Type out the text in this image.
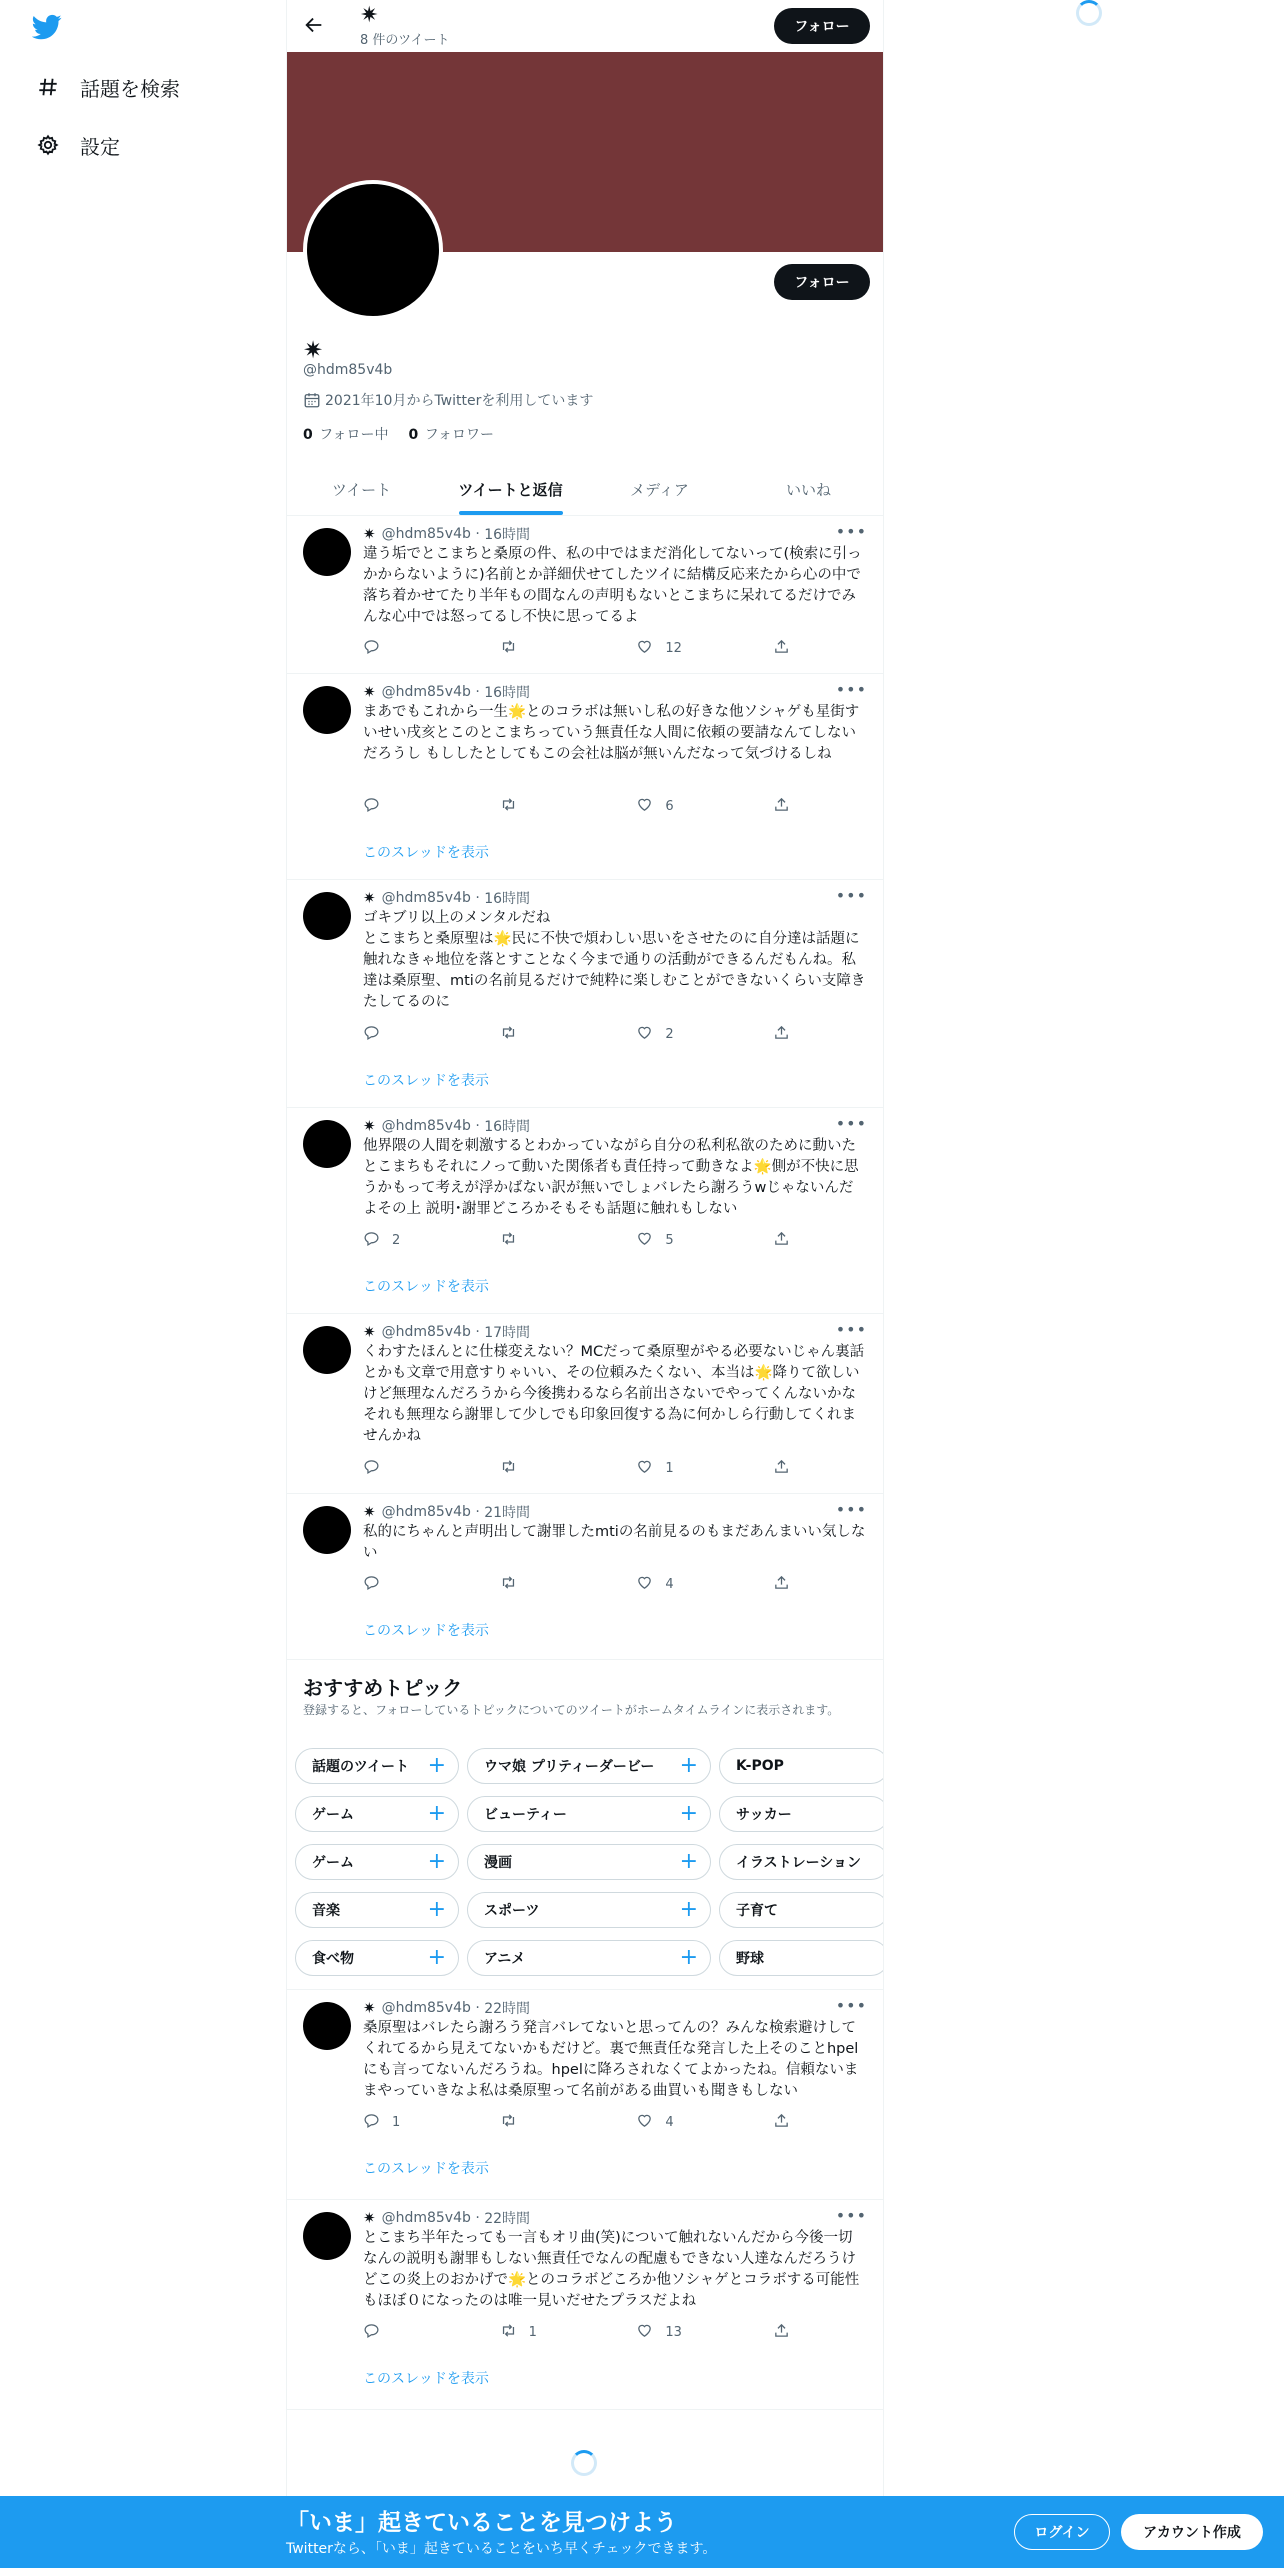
話題を検索
設定
✷
8 件のツイート
フォロー
フォロー
✷
@hdm85v4b
2021年10月からTwitterを利用しています
0 フォロー中 0 フォロワー
ツイート	ツイートと返信	メディア	いいね
おすすめトピック
登録すると、フォローしているトピックについてのツイートがホームタイムラインに表示されます。
話題のツイート +	ウマ娘 プリティーダービー +	K-POP
ゲーム	+	ビューティー	+	サッカー
ゲーム	+	漫画	+	イラストレーション
音楽	+	スポーツ	+	子育て
食べ物	+	アニメ	+	野球
✷ @hdm85v4b · 16時間	•••
違う垢でとこまちと桑原の件、私の中ではまだ消化してないって(検索に引っかからないように)名前とか詳細伏せてしたツイに結構反応来たから心の中で落ち着かせてたり半年もの間なんの声明もないとこまちに呆れてるだけでみんな心中では怒ってるし不快に思ってるよ
12
✷ @hdm85v4b · 16時間	•••
まあでもこれから一生🌟とのコラボは無いし私の好きな他ソシャゲも星街すいせい戌亥とこのとこまちっていう無責任な人間に依頼の要請なんてしないだろうし もししたとしてもこの会社は脳が無いんだなって気づけるしね
6
このスレッドを表示
✷ @hdm85v4b · 16時間	•••
ゴキブリ以上のメンタルだね
とこまちと桑原聖は🌟民に不快で煩わしい思いをさせたのに自分達は話題に触れなきゃ地位を落とすことなく今まで通りの活動ができるんだもんね。私達は桑原聖、mtiの名前見るだけで純粋に楽しむことができないくらい支障きたしてるのに
2
このスレッドを表示
✷ @hdm85v4b · 16時間	•••
他界隈の人間を刺激するとわかっていながら自分の私利私欲のために動いたとこまちもそれにノって動いた関係者も責任持って動きなよ🌟側が不快に思うかもって考えが浮かばない訳が無いでしょバレたら謝ろうwじゃないんだよその上 説明･謝罪どころかそもそも話題に触れもしない
2	5
このスレッドを表示
✷ @hdm85v4b · 17時間	•••
くわすたほんとに仕様変えない？MCだって桑原聖がやる必要ないじゃん裏話とかも文章で用意すりゃいい、その位頼みたくない、本当は🌟降りて欲しいけど無理なんだろうから今後携わるなら名前出さないでやってくんないかなそれも無理なら謝罪して少しでも印象回復する為に何かしら行動してくれませんかね
1
✷ @hdm85v4b · 21時間	•••
私的にちゃんと声明出して謝罪したmtiの名前見るのもまだあんまいい気しない
4
このスレッドを表示
✷ @hdm85v4b · 22時間	•••
桑原聖はバレたら謝ろう発言バレてないと思ってんの？みんな検索避けしてくれてるから見えてないかもだけど。裏で無責任な発言した上そのことhpelにも言ってないんだろうね。hpelに降ろされなくてよかったね。信頼ないままやっていきなよ私は桑原聖って名前がある曲買いも聞きもしない
1	4
このスレッドを表示
✷ @hdm85v4b · 22時間	•••
とこまち半年たっても一言もオリ曲(笑)について触れないんだから今後一切なんの説明も謝罪もしない無責任でなんの配慮もできない人達なんだろうけどこの炎上のおかげで🌟とのコラボどころか他ソシャゲとコラボする可能性もほぼ０になったのは唯一見いだせたプラスだよね
1	13
このスレッドを表示
「いま」起きていることを見つけよう
Twitterなら、「いま」起きていることをいち早くチェックできます。
ログイン	アカウント作成
